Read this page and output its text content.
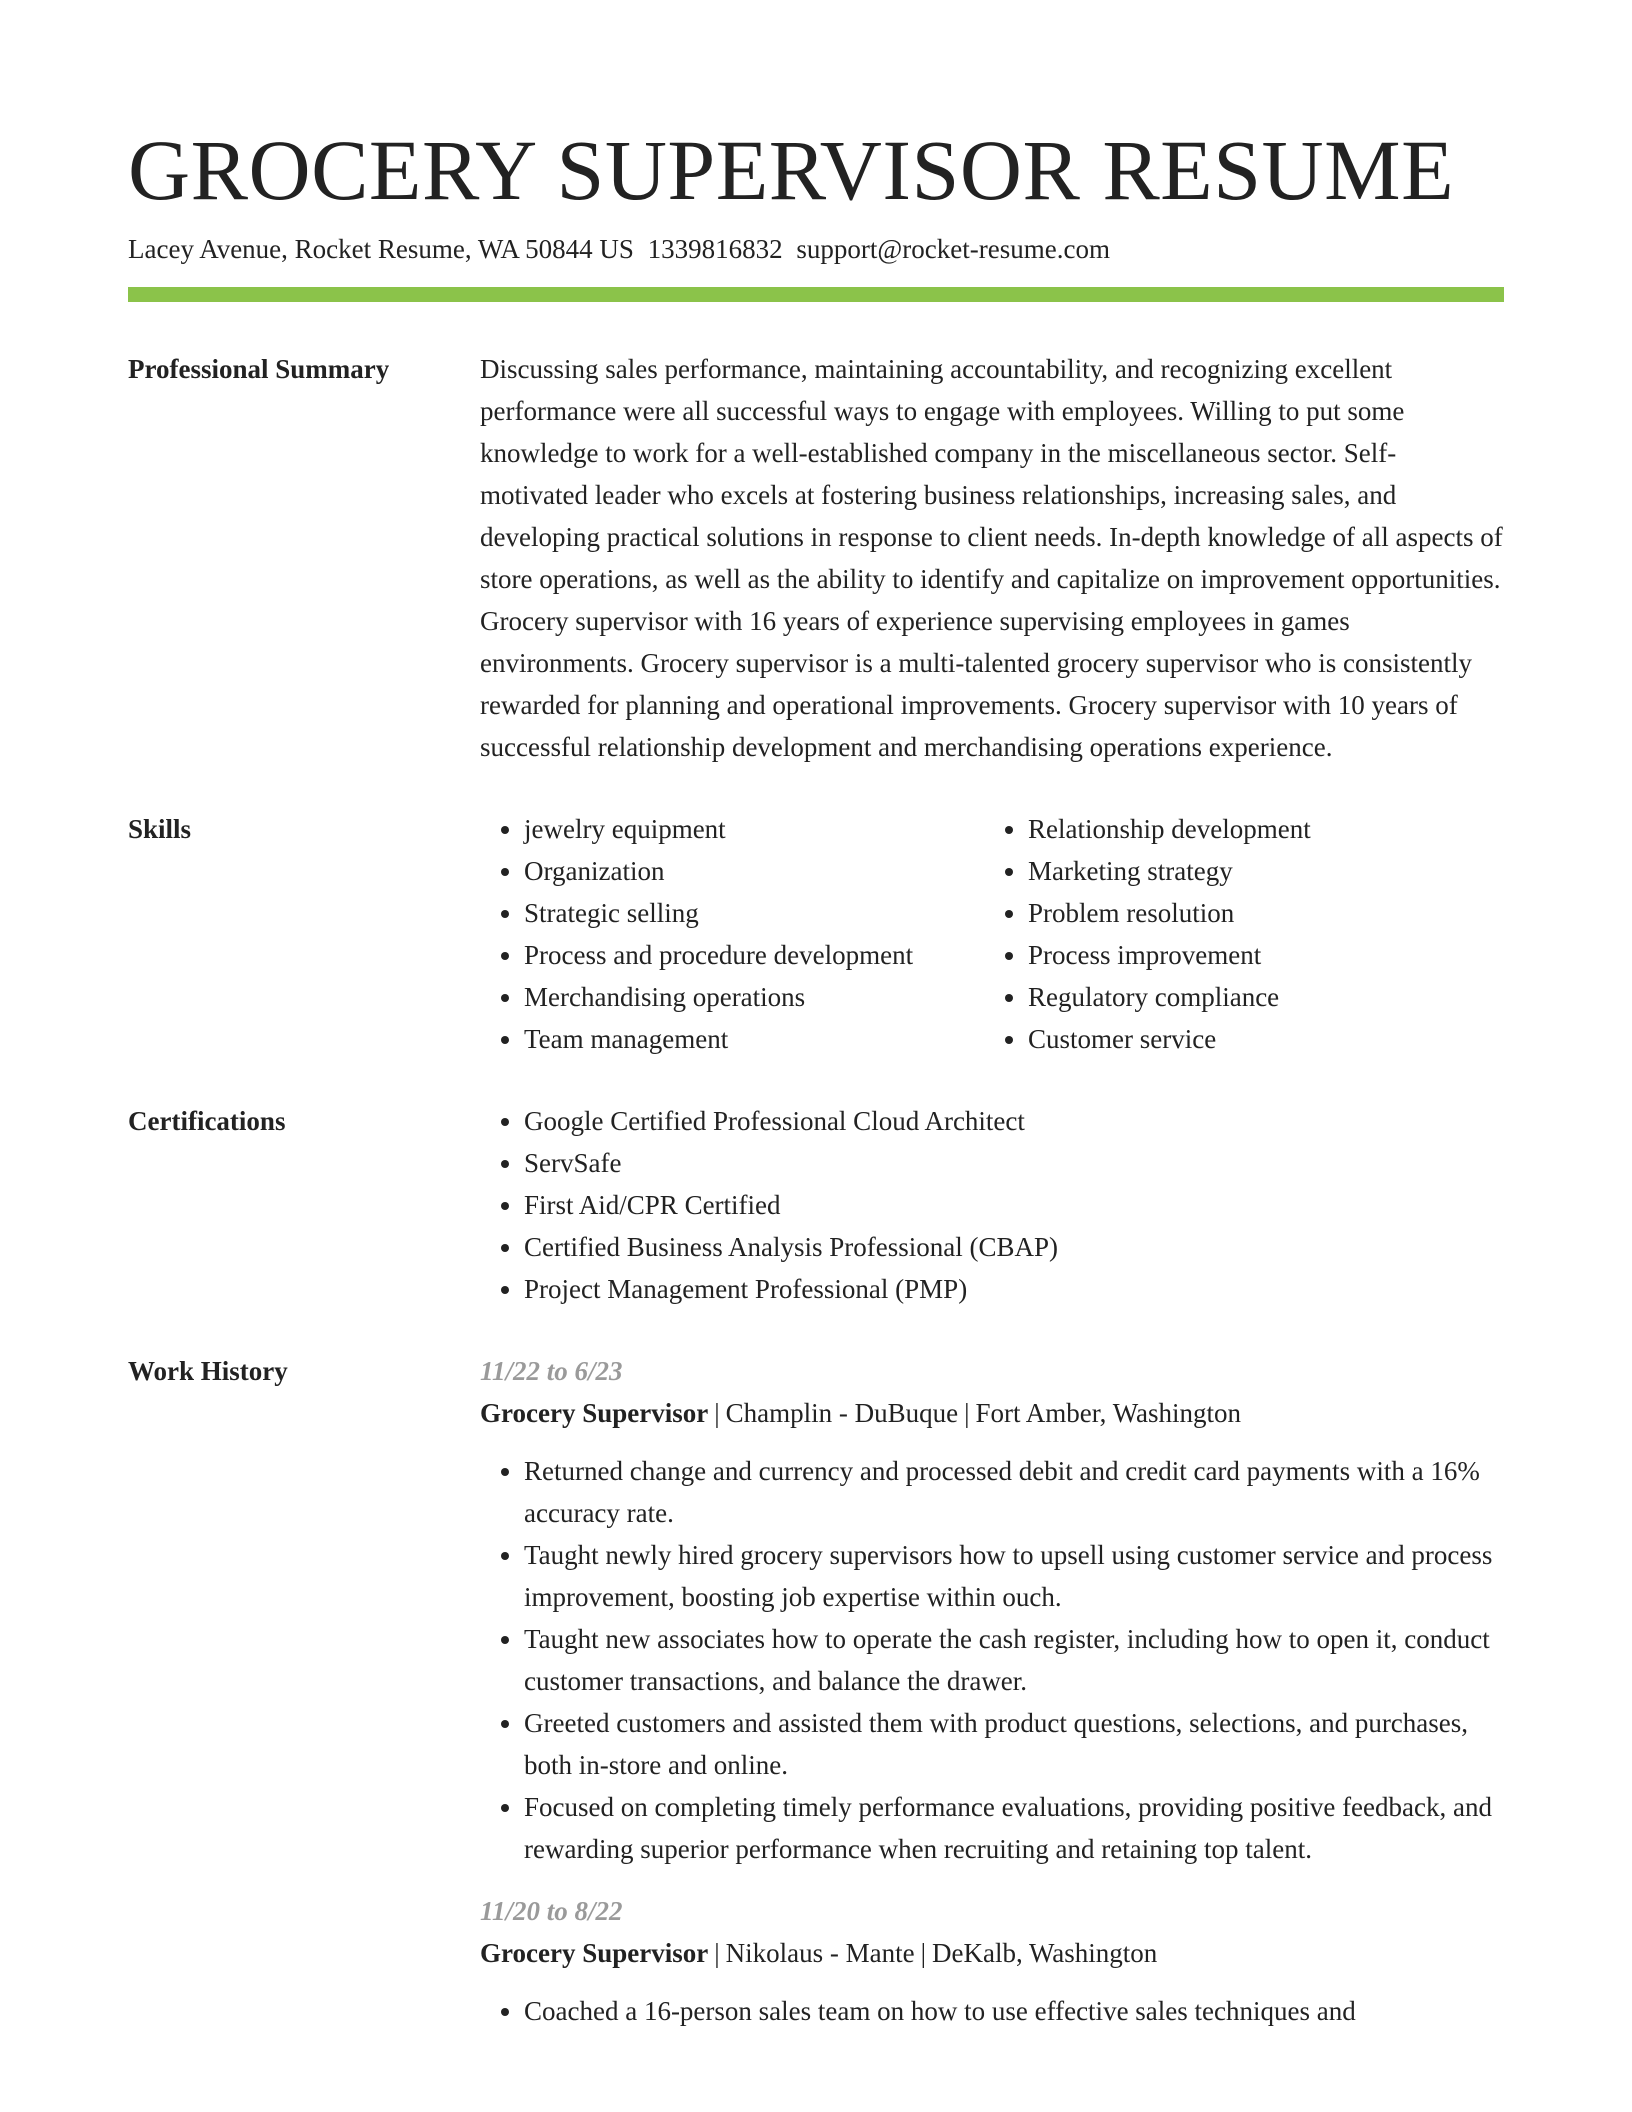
GROCERY SUPERVISOR RESUME
Lacey Avenue, Rocket Resume, WA 50844 US 1339816832 support@rocket-resume.com
Professional Summary	Discussing sales performance, maintaining accountability, and recognizing excellent performance were all successful ways to engage with employees. Willing to put some knowledge to work for a well-established company in the miscellaneous sector. Self-motivated leader who excels at fostering business relationships, increasing sales, and developing practical solutions in response to client needs. In-depth knowledge of all aspects of store operations, as well as the ability to identify and capitalize on improvement opportunities. Grocery supervisor with 16 years of experience supervising employees in games environments. Grocery supervisor is a multi-talented grocery supervisor who is consistently rewarded for planning and operational improvements. Grocery supervisor with 10 years of successful relationship development and merchandising operations experience.

Skills	• jewelry equipment
• Organization
• Strategic selling
• Process and procedure development
• Merchandising operations
• Team management
• Relationship development
• Marketing strategy
• Problem resolution
• Process improvement
• Regulatory compliance
• Customer service
Certifications	• Google Certified Professional Cloud Architect
• ServSafe
• First Aid/CPR Certified
• Certified Business Analysis Professional (CBAP)
• Project Management Professional (PMP)
Work History	11/22 to 6/23
Grocery Supervisor | Champlin - DuBuque | Fort Amber, Washington
• Returned change and currency and processed debit and credit card payments with a 16% accuracy rate.
• Taught newly hired grocery supervisors how to upsell using customer service and process improvement, boosting job expertise within ouch.
• Taught new associates how to operate the cash register, including how to open it, conduct customer transactions, and balance the drawer.
• Greeted customers and assisted them with product questions, selections, and purchases, both in-store and online.
• Focused on completing timely performance evaluations, providing positive feedback, and rewarding superior performance when recruiting and retaining top talent.
11/20 to 8/22
Grocery Supervisor | Nikolaus - Mante | DeKalb, Washington
• Coached a 16-person sales team on how to use effective sales techniques and
